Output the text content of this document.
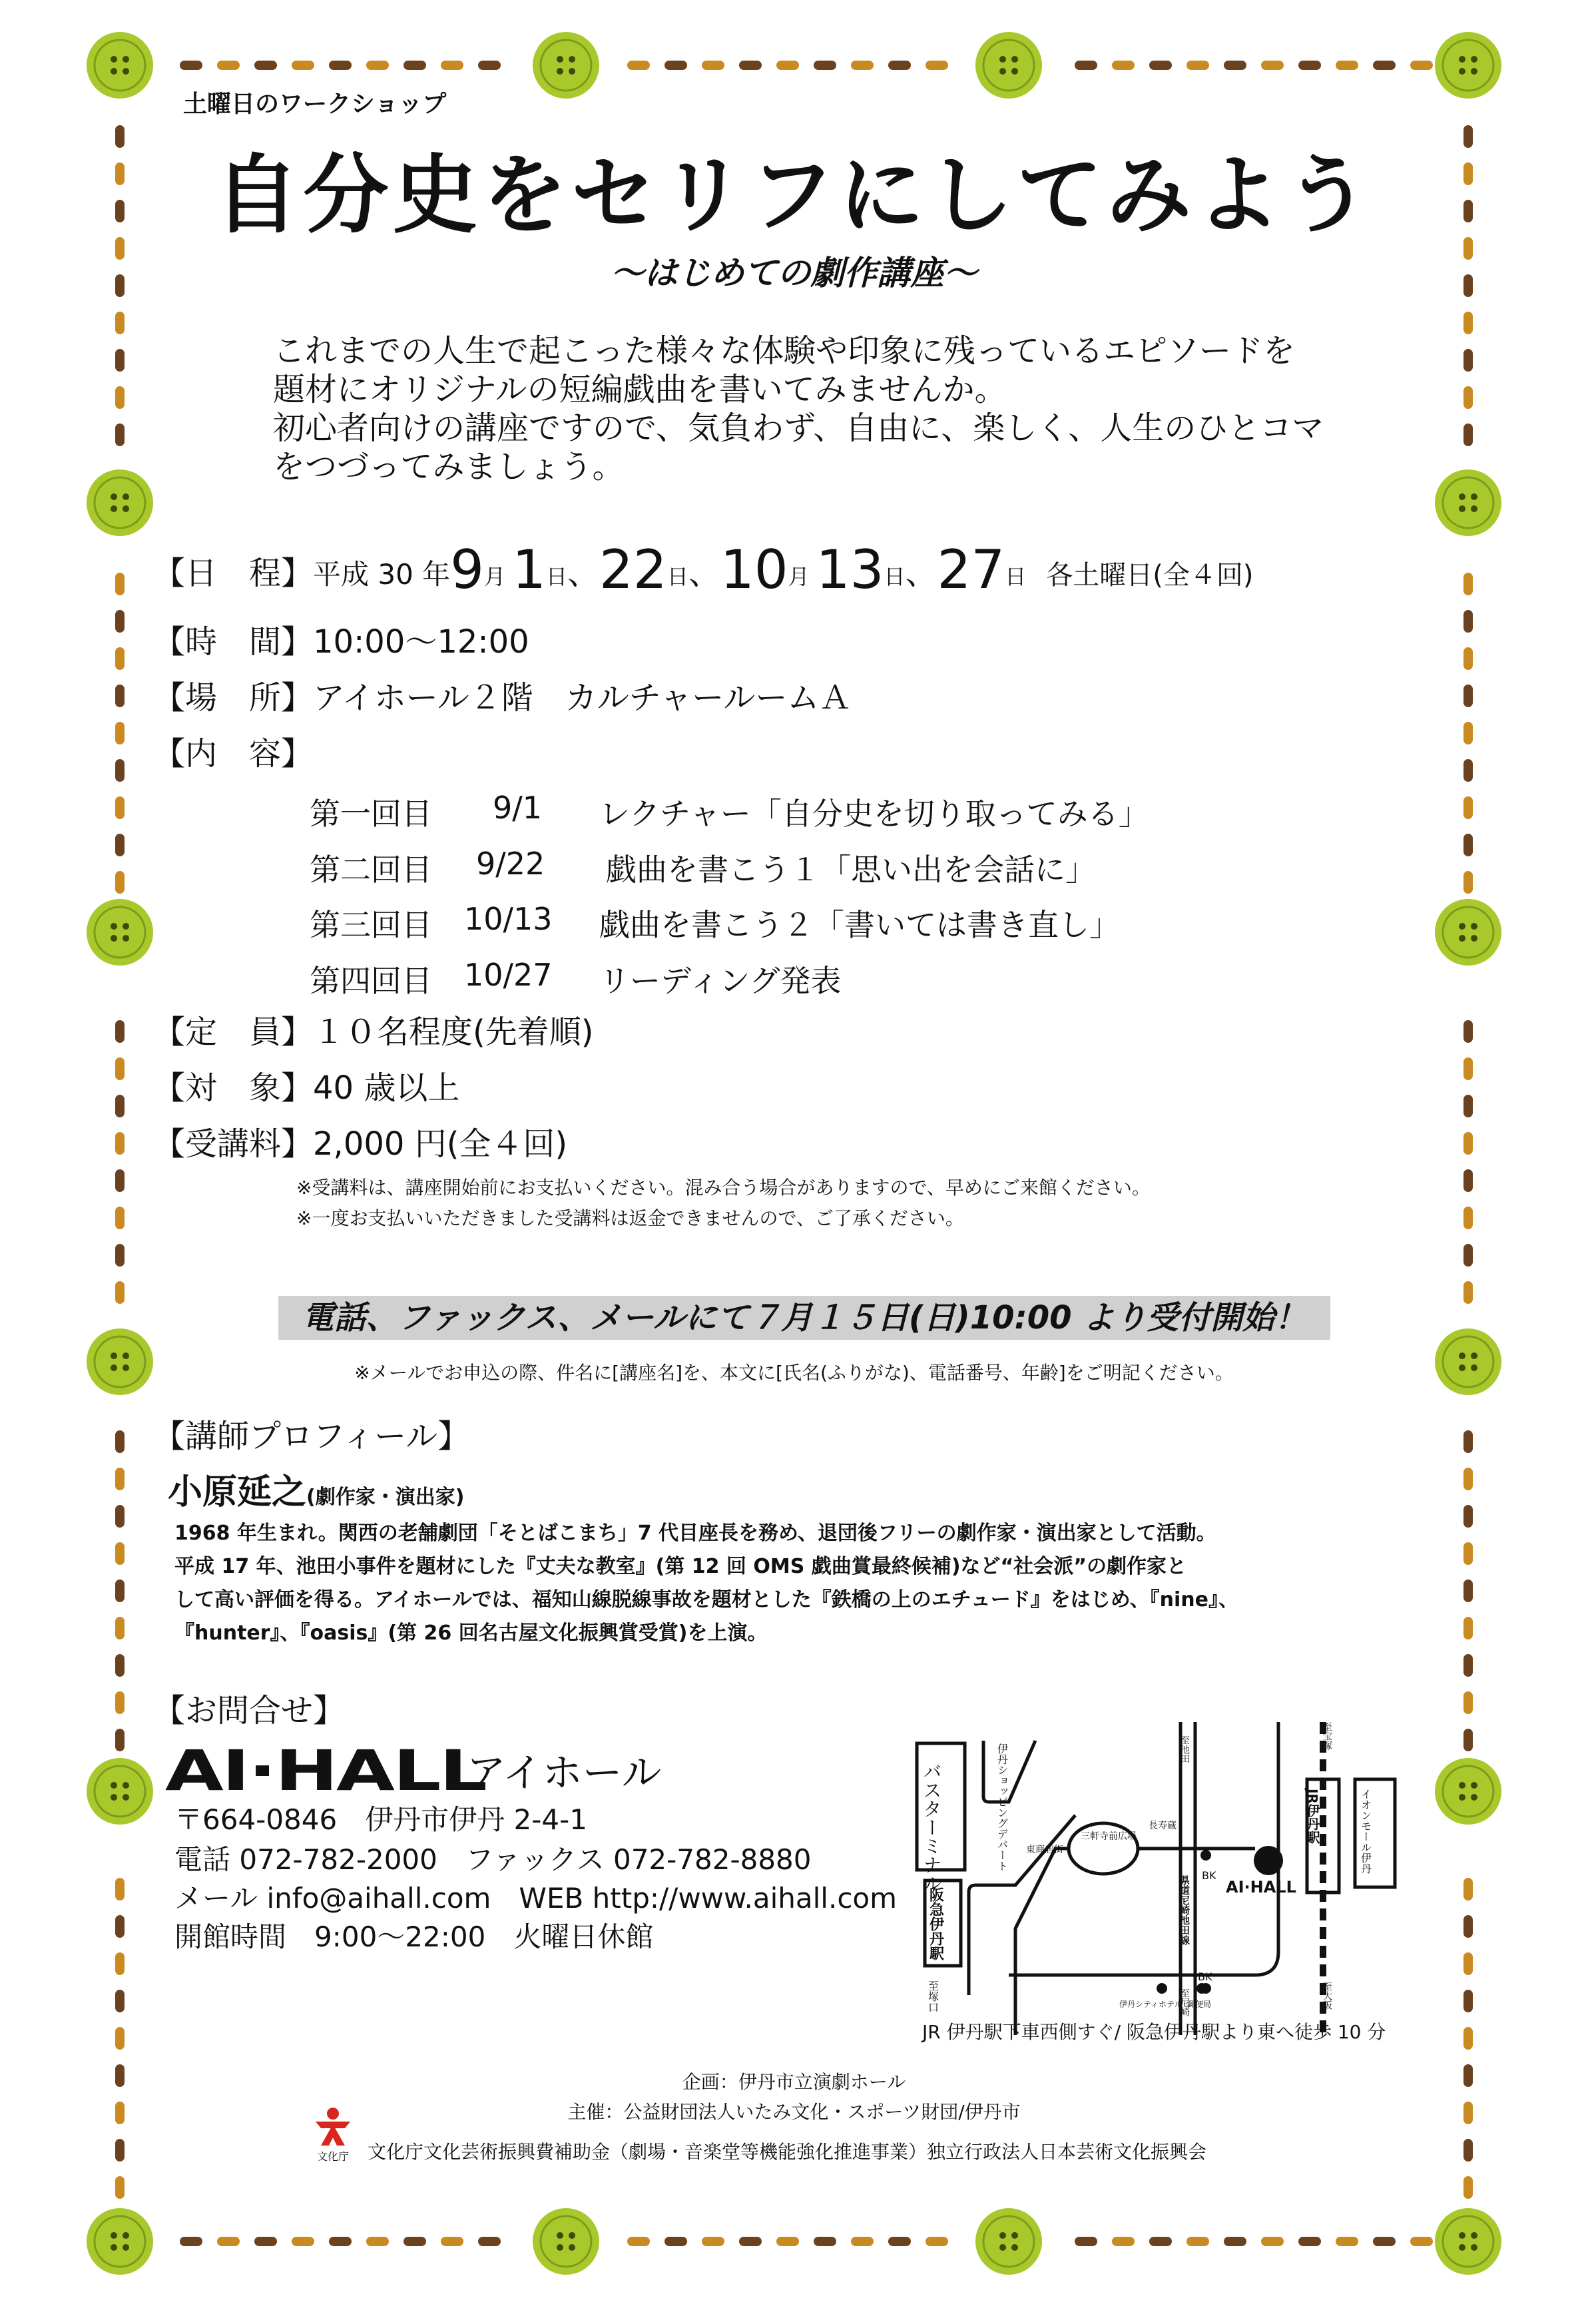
土曜日のワークショップ
自分史をセリフにしてみよう
〜はじめての劇作講座〜
これまでの人生で起こった様々な体験や印象に残っているエピソードを
題材にオリジナルの短編戯曲を書いてみませんか。
初心者向けの講座ですので、気負わず、自由に、楽しく、人生のひとコマ
をつづってみましょう。
【日　程】平成 30 年9月 1日、22日、10月 13日、27日 各土曜日(全４回)
【時　間】10:00〜12:00
【場　所】アイホール２階　カルチャールームＡ
【内　容】
第一回目 9/1 レクチャー「自分史を切り取ってみる」
第二回目 9/22 戯曲を書こう１「思い出を会話に」
第三回目 10/13 戯曲を書こう２「書いては書き直し」
第四回目 10/27 リーディング発表
【定　員】１０名程度(先着順)
【対　象】40 歳以上
【受講料】2,000 円(全４回)
※受講料は、講座開始前にお支払いください。混み合う場合がありますので、早めにご来館ください。
※一度お支払いいただきました受講料は返金できませんので、ご了承ください。
電話、ファックス、メールにて７月１５日(日)10:00 より受付開始！
※メールでお申込の際、件名に[講座名]を、本文に[氏名(ふりがな)、電話番号、年齢]をご明記ください。
【講師プロフィール】
小原延之(劇作家・演出家)
1968 年生まれ。関西の老舗劇団「そとばこまち」7 代目座長を務め、退団後フリーの劇作家・演出家として活動。
平成 17 年、池田小事件を題材にした『丈夫な教室』(第 12 回 OMS 戯曲賞最終候補)など“社会派”の劇作家と
して高い評価を得る。アイホールでは、福知山線脱線事故を題材とした『鉄橋の上のエチュード』をはじめ、『nine』、
『hunter』、『oasis』(第 26 回名古屋文化振興賞受賞)を上演。
【お問合せ】
AI·HALL
アイホール
〒664-0846　伊丹市伊丹 2-4-1
電話 072-782-2000　ファックス 072-782-8880
メール info@aihall.com　WEB http://www.aihall.com
開館時間　9:00〜22:00　火曜日休館
バスターミナル	伊丹ショッピングデパート
阪急伊丹駅
至塚口
東商店街
三軒寺前広場
長寿蔵
至池田
県道尼崎池田線 BK
BK
AI·HALL
伊丹シティホテル 郵便局
至尼崎
至宝塚
JR伊丹駅	イオンモール伊丹
至大阪
JR 伊丹駅下車西側すぐ/ 阪急伊丹駅より東へ徒歩 10 分
企画：伊丹市立演劇ホール
主催：公益財団法人いたみ文化・スポーツ財団/伊丹市
文化庁 文化庁文化芸術振興費補助金（劇場・音楽堂等機能強化推進事業）独立行政法人日本芸術文化振興会
